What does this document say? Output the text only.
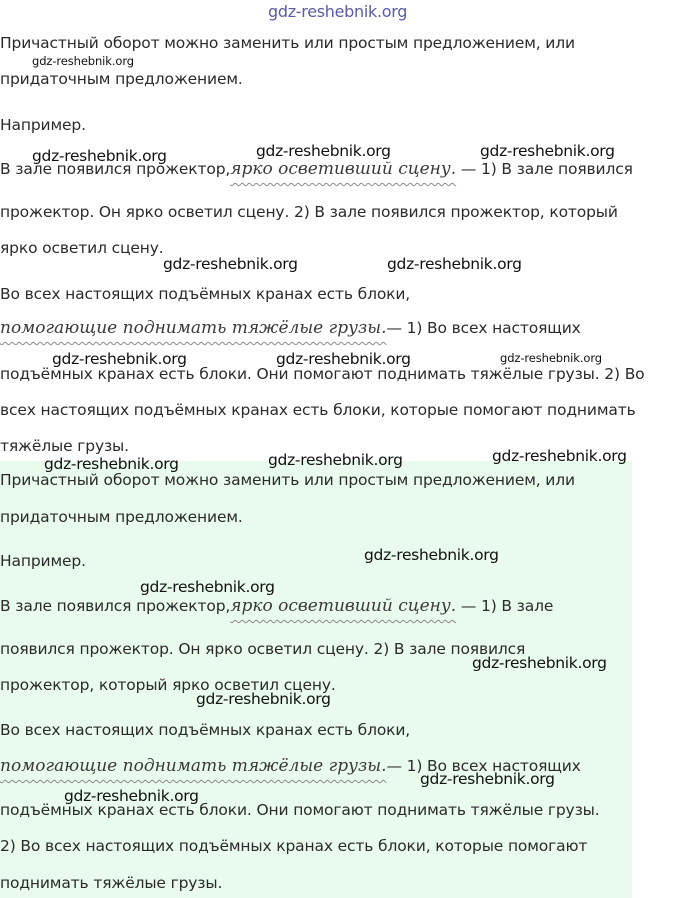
Причастный оборот можно заменить или простым предложением, или
придаточным предложением.
Например.
В зале появился прожектор,ярко осветивший сцену. — 1) В зале появился
прожектор. Он ярко осветил сцену. 2) В зале появился прожектор, который
ярко осветил сцену.
Во всех настоящих подъёмных кранах есть блоки,
помогающие поднимать тяжёлые грузы.— 1) Во всех настоящих
подъёмных кранах есть блоки. Они помогают поднимать тяжёлые грузы. 2) Во
всех настоящих подъёмных кранах есть блоки, которые помогают поднимать
тяжёлые грузы.
Причастный оборот можно заменить или простым предложением, или
придаточным предложением.
Например.
В зале появился прожектор,ярко осветивший сцену. — 1) В зале
появился прожектор. Он ярко осветил сцену. 2) В зале появился
прожектор, который ярко осветил сцену.
Во всех настоящих подъёмных кранах есть блоки,
помогающие поднимать тяжёлые грузы.— 1) Во всех настоящих
подъёмных кранах есть блоки. Они помогают поднимать тяжёлые грузы.
2) Во всех настоящих подъёмных кранах есть блоки, которые помогают
поднимать тяжёлые грузы.
gdz-reshebnik.org
gdz-reshebnik.org
gdz-reshebnik.org	gdz-reshebnik.org	gdz-reshebnik.org
gdz-reshebnik.org	gdz-reshebnik.org
gdz-reshebnik.org	gdz-reshebnik.org	gdz-reshebnik.org
gdz-reshebnik.org	gdz-reshebnik.org	gdz-reshebnik.org
gdz-reshebnik.org
gdz-reshebnik.org
gdz-reshebnik.org
gdz-reshebnik.org
gdz-reshebnik.org
gdz-reshebnik.org
